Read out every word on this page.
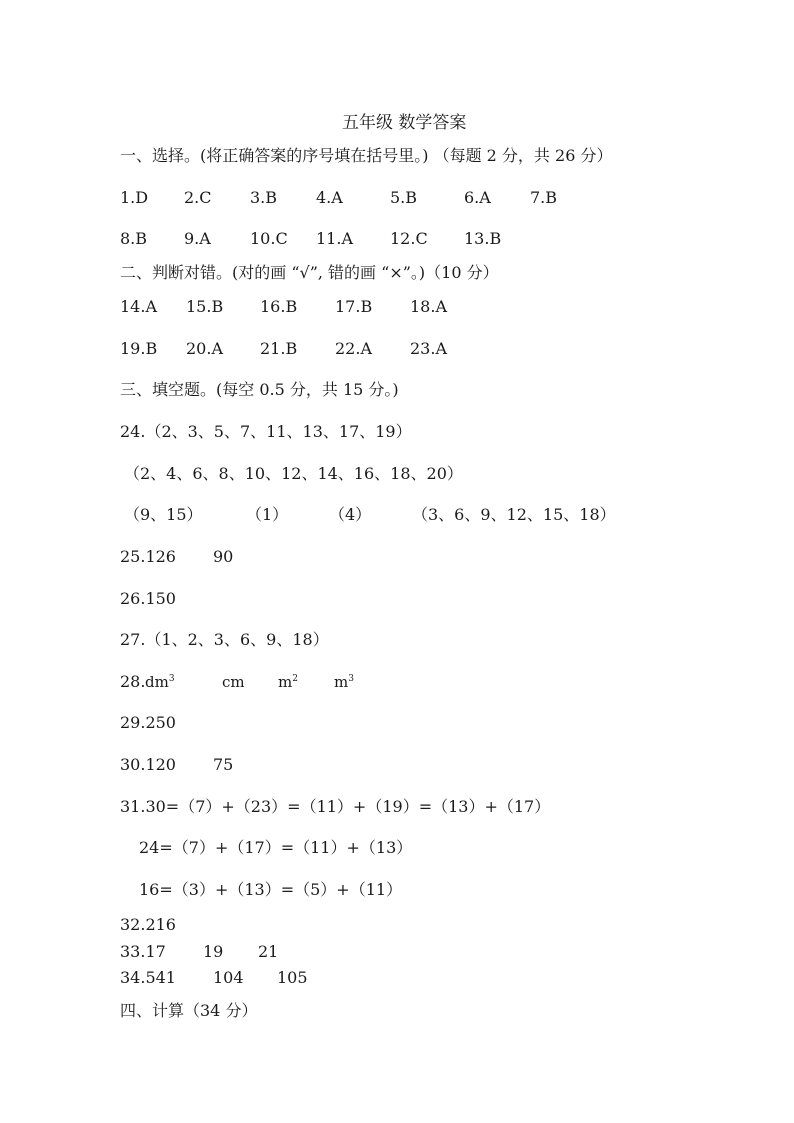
五年级 数学答案
一、选择。(将正确答案的序号填在括号里。) （每题 2 分，共 26 分）
1.D 2.C 3.B 4.A	5.B	6.A 7.B
8.B 9.A 10.C 11.A 12.C 13.B
二、判断对错。(对的画 “√”, 错的画 “×”。)（10 分）
14.A 15.B 16.B 17.B 18.A
19.B 20.A 21.B 22.A 23.A
三、填空题。(每空 0.5 分，共 15 分。)
24.（2、3、5、7、11、13、17、19）
（2、4、6、8、10、12、14、16、18、20）
（9、15）	（1）	（4）	（3、6、9、12、15、18）
25.126 90
26.150
27.（1、2、3、6、9、18）
28. $dm^3$	cm $m^2$ $m^3$
29.250
30.120 75
31.30=（7）+（23）=（11）+（19）=（13）+（17）
24=（7）+（17）=（11）+（13）
16=（3）+（13）=（5）+（11）
32.216
33.17 19 21
34.541 104 105
四、计算（34 分）
